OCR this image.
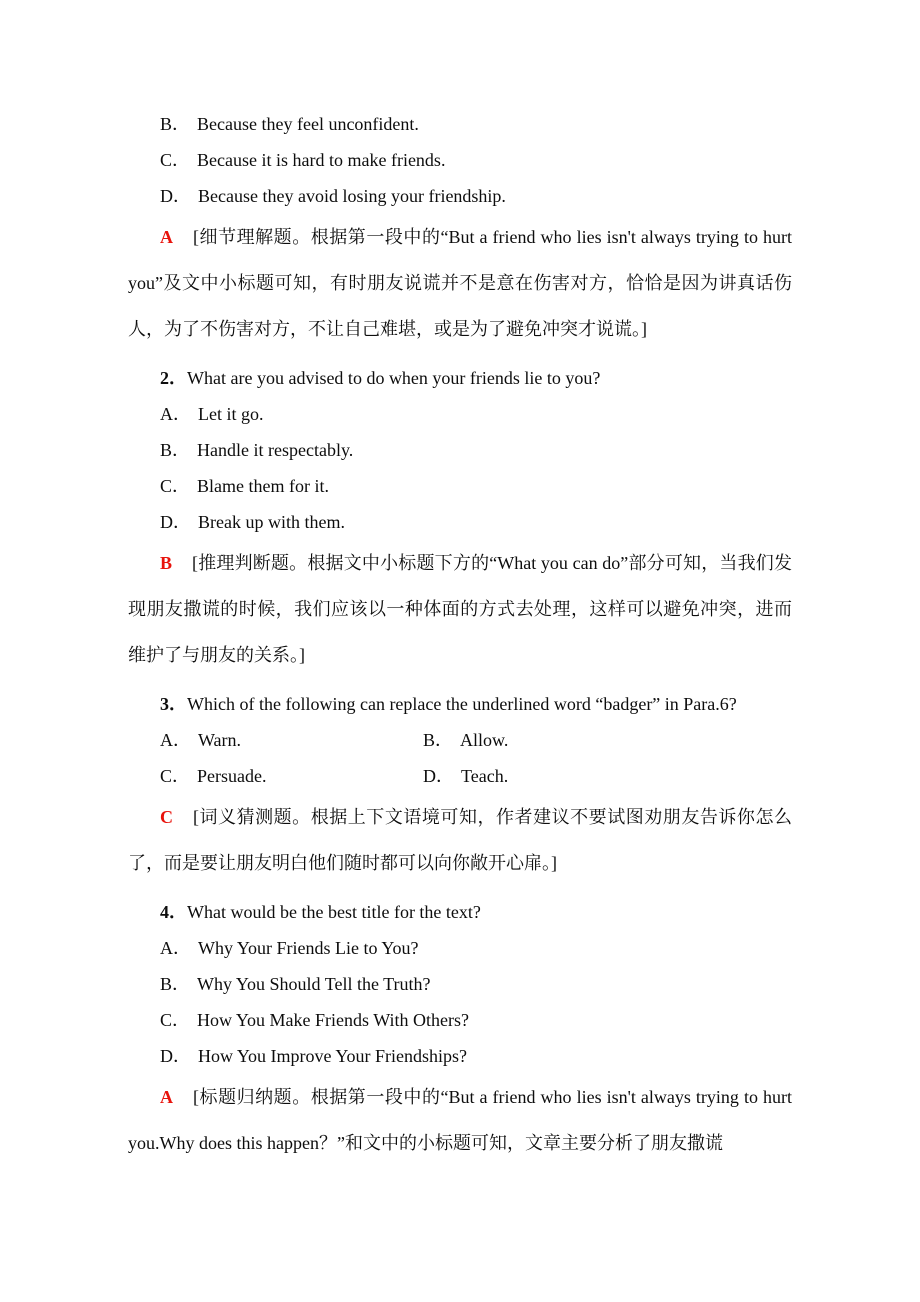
B． Because they feel unconfident.

C． Because it is hard to make friends.

D． Because they avoid losing your friendship.

A [细节理解题。根据第一段中的“But a friend who lies isn't always trying to hurt you”及文中小标题可知，有时朋友说谎并不是意在伤害对方，恰恰是因为讲真话伤人，为了不伤害对方，不让自己难堪，或是为了避免冲突才说谎。]

2．What are you advised to do when your friends lie to you?

A． Let it go.

B． Handle it respectably.

C． Blame them for it.

D． Break up with them.

B [推理判断题。根据文中小标题下方的“What you can do”部分可知，当我们发现朋友撒谎的时候，我们应该以一种体面的方式去处理，这样可以避免冲突，进而维护了与朋友的关系。]

3．Which of the following can replace the underlined word “badger” in Para.6?

A． Warn.	B． Allow.

C． Persuade.	D． Teach.

C [词义猜测题。根据上下文语境可知，作者建议不要试图劝朋友告诉你怎么了，而是要让朋友明白他们随时都可以向你敞开心扉。]

4．What would be the best title for the text?

A． Why Your Friends Lie to You?

B． Why You Should Tell the Truth?

C． How You Make Friends With Others?

D． How You Improve Your Friendships?

A [标题归纳题。根据第一段中的“But a friend who lies isn't always trying to hurt you.Why does this happen？”和文中的小标题可知，文章主要分析了朋友撒谎
